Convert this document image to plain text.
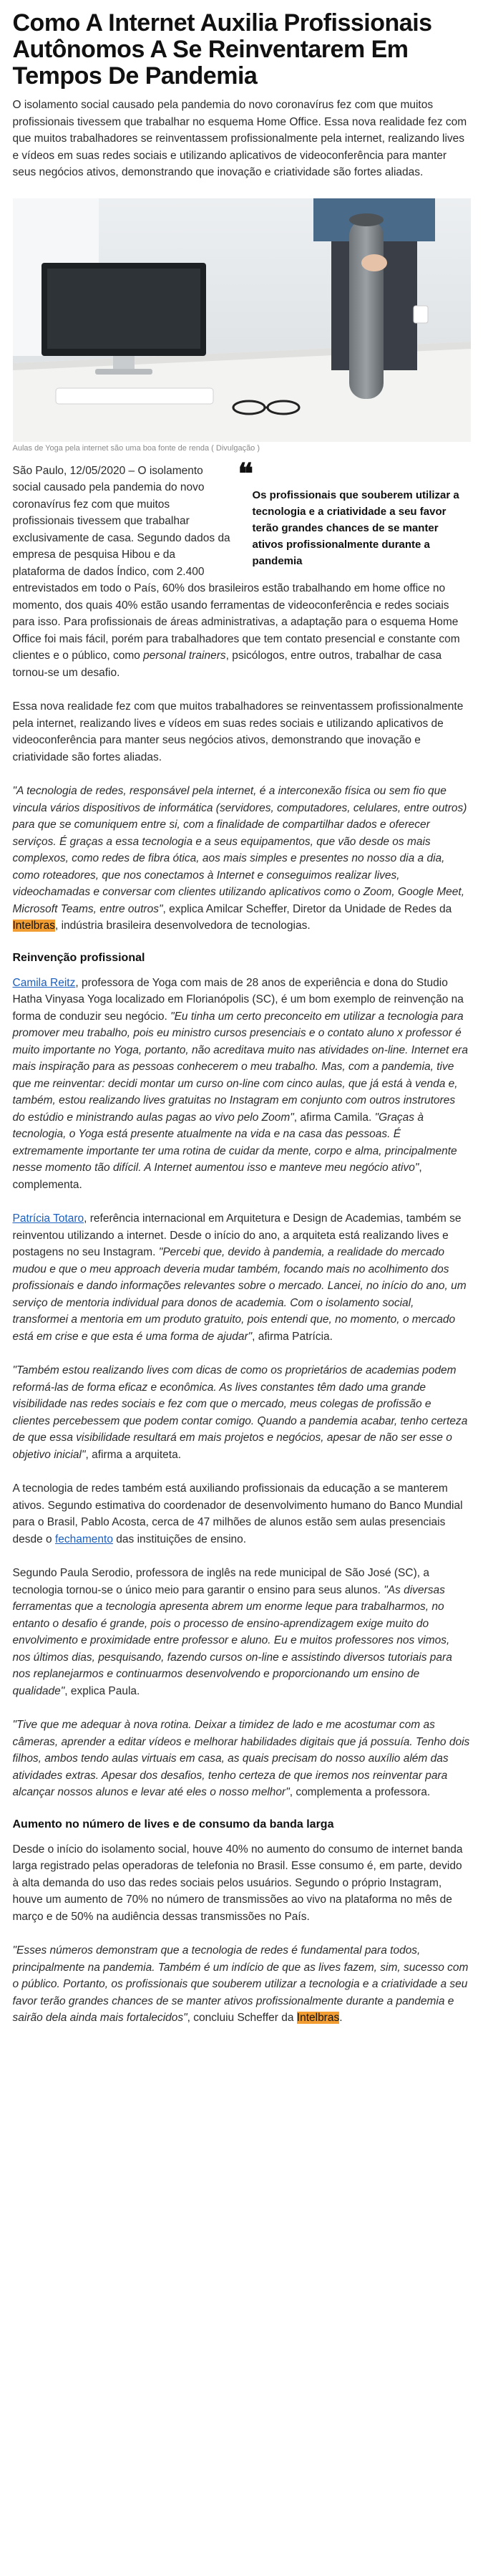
Como A Internet Auxilia Profissionais Autônomos A Se Reinventarem Em Tempos De Pandemia

O isolamento social causado pela pandemia do novo coronavírus fez com que muitos profissionais tivessem que trabalhar no esquema Home Office. Essa nova realidade fez com que muitos trabalhadores se reinventassem profissionalmente pela internet, realizando lives e vídeos em suas redes sociais e utilizando aplicativos de videoconferência para manter seus negócios ativos, demonstrando que inovação e criatividade são fortes aliadas.

Aulas de Yoga pela internet são uma boa fonte de renda ( Divulgação )
❝
Os profissionais que souberem utilizar a tecnologia e a criatividade a seu favor terão grandes chances de se manter ativos profissionalmente durante a pandemia

São Paulo, 12/05/2020 – O isolamento social causado pela pandemia do novo coronavírus fez com que muitos profissionais tivessem que trabalhar exclusivamente de casa. Segundo dados da empresa de pesquisa Hibou e da plataforma de dados Índico, com 2.400 entrevistados em todo o País, 60% dos brasileiros estão trabalhando em home office no momento, dos quais 40% estão usando ferramentas de videoconferência e redes sociais para isso. Para profissionais de áreas administrativas, a adaptação para o esquema Home Office foi mais fácil, porém para trabalhadores que tem contato presencial e constante com clientes e o público, como personal trainers, psicólogos, entre outros, trabalhar de casa tornou-se um desafio.

Essa nova realidade fez com que muitos trabalhadores se reinventassem profissionalmente pela internet, realizando lives e vídeos em suas redes sociais e utilizando aplicativos de videoconferência para manter seus negócios ativos, demonstrando que inovação e criatividade são fortes aliadas.

"A tecnologia de redes, responsável pela internet, é a interconexão física ou sem fio que vincula vários dispositivos de informática (servidores, computadores, celulares, entre outros) para que se comuniquem entre si, com a finalidade de compartilhar dados e oferecer serviços. É graças a essa tecnologia e a seus equipamentos, que vão desde os mais complexos, como redes de fibra ótica, aos mais simples e presentes no nosso dia a dia, como roteadores, que nos conectamos à Internet e conseguimos realizar lives, videochamadas e conversar com clientes utilizando aplicativos como o Zoom, Google Meet, Microsoft Teams, entre outros", explica Amilcar Scheffer, Diretor da Unidade de Redes da Intelbras, indústria brasileira desenvolvedora de tecnologias.

Reinvenção profissional

Camila Reitz, professora de Yoga com mais de 28 anos de experiência e dona do Studio Hatha Vinyasa Yoga localizado em Florianópolis (SC), é um bom exemplo de reinvenção na forma de conduzir seu negócio. "Eu tinha um certo preconceito em utilizar a tecnologia para promover meu trabalho, pois eu ministro cursos presenciais e o contato aluno x professor é muito importante no Yoga, portanto, não acreditava muito nas atividades on-line. Internet era mais inspiração para as pessoas conhecerem o meu trabalho. Mas, com a pandemia, tive que me reinventar: decidi montar um curso on-line com cinco aulas, que já está à venda e, também, estou realizando lives gratuitas no Instagram em conjunto com outros instrutores do estúdio e ministrando aulas pagas ao vivo pelo Zoom", afirma Camila. "Graças à tecnologia, o Yoga está presente atualmente na vida e na casa das pessoas. É extremamente importante ter uma rotina de cuidar da mente, corpo e alma, principalmente nesse momento tão difícil. A Internet aumentou isso e manteve meu negócio ativo", complementa.

Patrícia Totaro, referência internacional em Arquitetura e Design de Academias, também se reinventou utilizando a internet. Desde o início do ano, a arquiteta está realizando lives e postagens no seu Instagram. "Percebi que, devido à pandemia, a realidade do mercado mudou e que o meu approach deveria mudar também, focando mais no acolhimento dos profissionais e dando informações relevantes sobre o mercado. Lancei, no início do ano, um serviço de mentoria individual para donos de academia. Com o isolamento social, transformei a mentoria em um produto gratuito, pois entendi que, no momento, o mercado está em crise e que esta é uma forma de ajudar", afirma Patrícia.

"Também estou realizando lives com dicas de como os proprietários de academias podem reformá-las de forma eficaz e econômica. As lives constantes têm dado uma grande visibilidade nas redes sociais e fez com que o mercado, meus colegas de profissão e clientes percebessem que podem contar comigo. Quando a pandemia acabar, tenho certeza de que essa visibilidade resultará em mais projetos e negócios, apesar de não ser esse o objetivo inicial", afirma a arquiteta.

A tecnologia de redes também está auxiliando profissionais da educação a se manterem ativos. Segundo estimativa do coordenador de desenvolvimento humano do Banco Mundial para o Brasil, Pablo Acosta, cerca de 47 milhões de alunos estão sem aulas presenciais desde o fechamento das instituições de ensino.

Segundo Paula Serodio, professora de inglês na rede municipal de São José (SC), a tecnologia tornou-se o único meio para garantir o ensino para seus alunos. "As diversas ferramentas que a tecnologia apresenta abrem um enorme leque para trabalharmos, no entanto o desafio é grande, pois o processo de ensino-aprendizagem exige muito do envolvimento e proximidade entre professor e aluno. Eu e muitos professores nos vimos, nos últimos dias, pesquisando, fazendo cursos on-line e assistindo diversos tutoriais para nos replanejarmos e continuarmos desenvolvendo e proporcionando um ensino de qualidade", explica Paula.

"Tive que me adequar à nova rotina. Deixar a timidez de lado e me acostumar com as câmeras, aprender a editar vídeos e melhorar habilidades digitais que já possuía. Tenho dois filhos, ambos tendo aulas virtuais em casa, as quais precisam do nosso auxílio além das atividades extras. Apesar dos desafios, tenho certeza de que iremos nos reinventar para alcançar nossos alunos e levar até eles o nosso melhor", complementa a professora.

Aumento no número de lives e de consumo da banda larga

Desde o início do isolamento social, houve 40% no aumento do consumo de internet banda larga registrado pelas operadoras de telefonia no Brasil. Esse consumo é, em parte, devido à alta demanda do uso das redes sociais pelos usuários. Segundo o próprio Instagram, houve um aumento de 70% no número de transmissões ao vivo na plataforma no mês de março e de 50% na audiência dessas transmissões no País.

"Esses números demonstram que a tecnologia de redes é fundamental para todos, principalmente na pandemia. Também é um indício de que as lives fazem, sim, sucesso com o público. Portanto, os profissionais que souberem utilizar a tecnologia e a criatividade a seu favor terão grandes chances de se manter ativos profissionalmente durante a pandemia e sairão dela ainda mais fortalecidos", concluiu Scheffer da Intelbras.
